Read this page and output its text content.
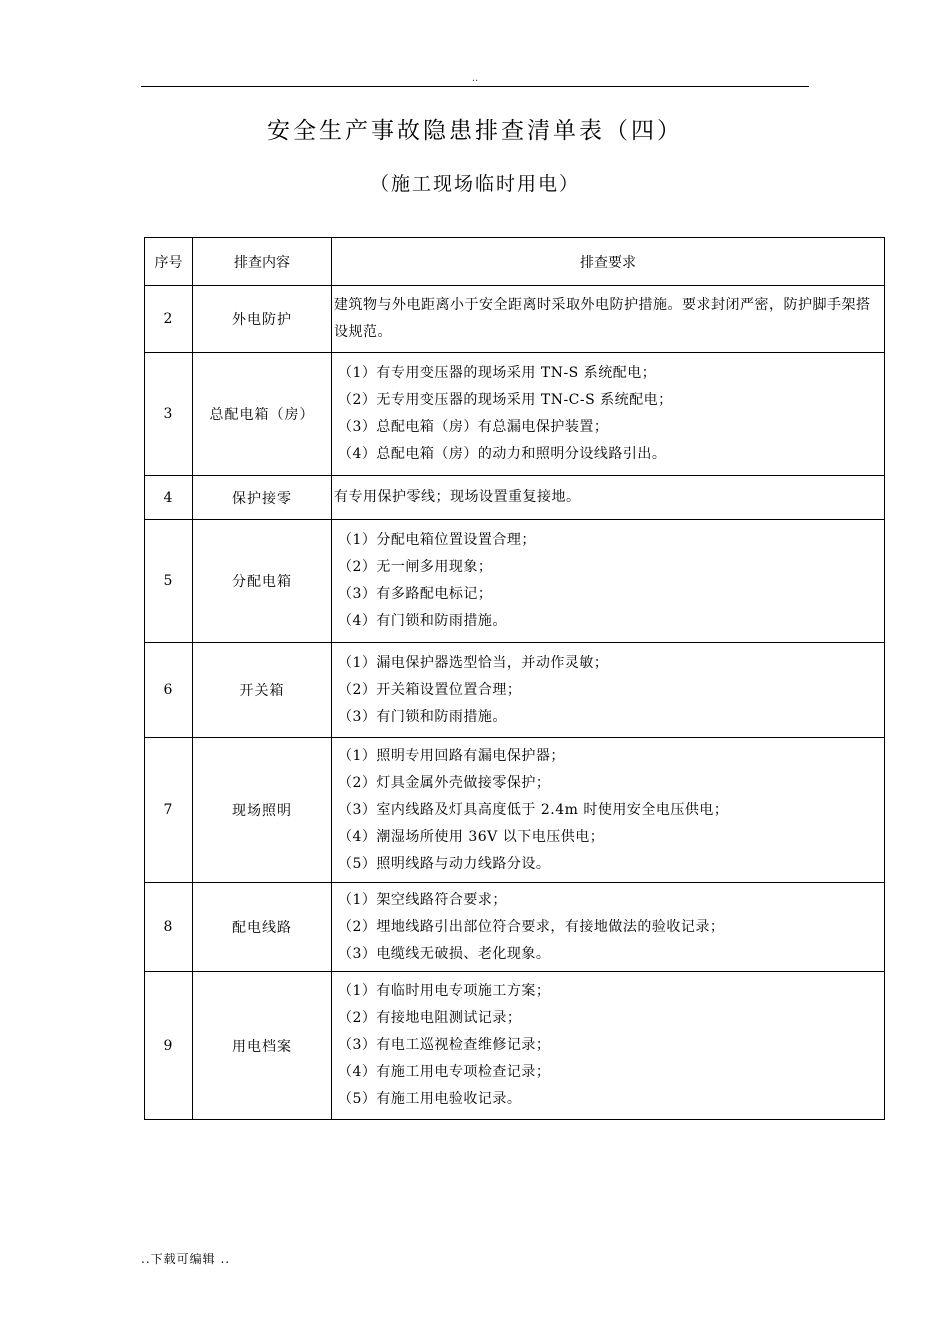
..
安全生产事故隐患排查清单表（四）
（施工现场临时用电）
序号	排查内容	排查要求
2	外电防护	建筑物与外电距离小于安全距离时采取外电防护措施。要求封闭严密，防护脚手架搭设规范。
3	总配电箱（房）	（1）有专用变压器的现场采用 TN-S 系统配电；
（2）无专用变压器的现场采用 TN-C-S 系统配电；
（3）总配电箱（房）有总漏电保护装置；
（4）总配电箱（房）的动力和照明分设线路引出。

4	保护接零	有专用保护零线；现场设置重复接地。
5	分配电箱	（1）分配电箱位置设置合理；
（2）无一闸多用现象；
（3）有多路配电标记；
（4）有门锁和防雨措施。

6	开关箱	（1）漏电保护器选型恰当，并动作灵敏；
（2）开关箱设置位置合理；
（3）有门锁和防雨措施。

7	现场照明	（1）照明专用回路有漏电保护器；
（2）灯具金属外壳做接零保护；
（3）室内线路及灯具高度低于 2.4m 时使用安全电压供电；
（4）潮湿场所使用 36V 以下电压供电；
（5）照明线路与动力线路分设。

8	配电线路	（1）架空线路符合要求；
（2）埋地线路引出部位符合要求，有接地做法的验收记录；
（3）电缆线无破损、老化现象。

9	用电档案	（1）有临时用电专项施工方案；
（2）有接地电阻测试记录；
（3）有电工巡视检查维修记录；
（4）有施工用电专项检查记录；
（5）有施工用电验收记录。
..下载可编辑 ..
